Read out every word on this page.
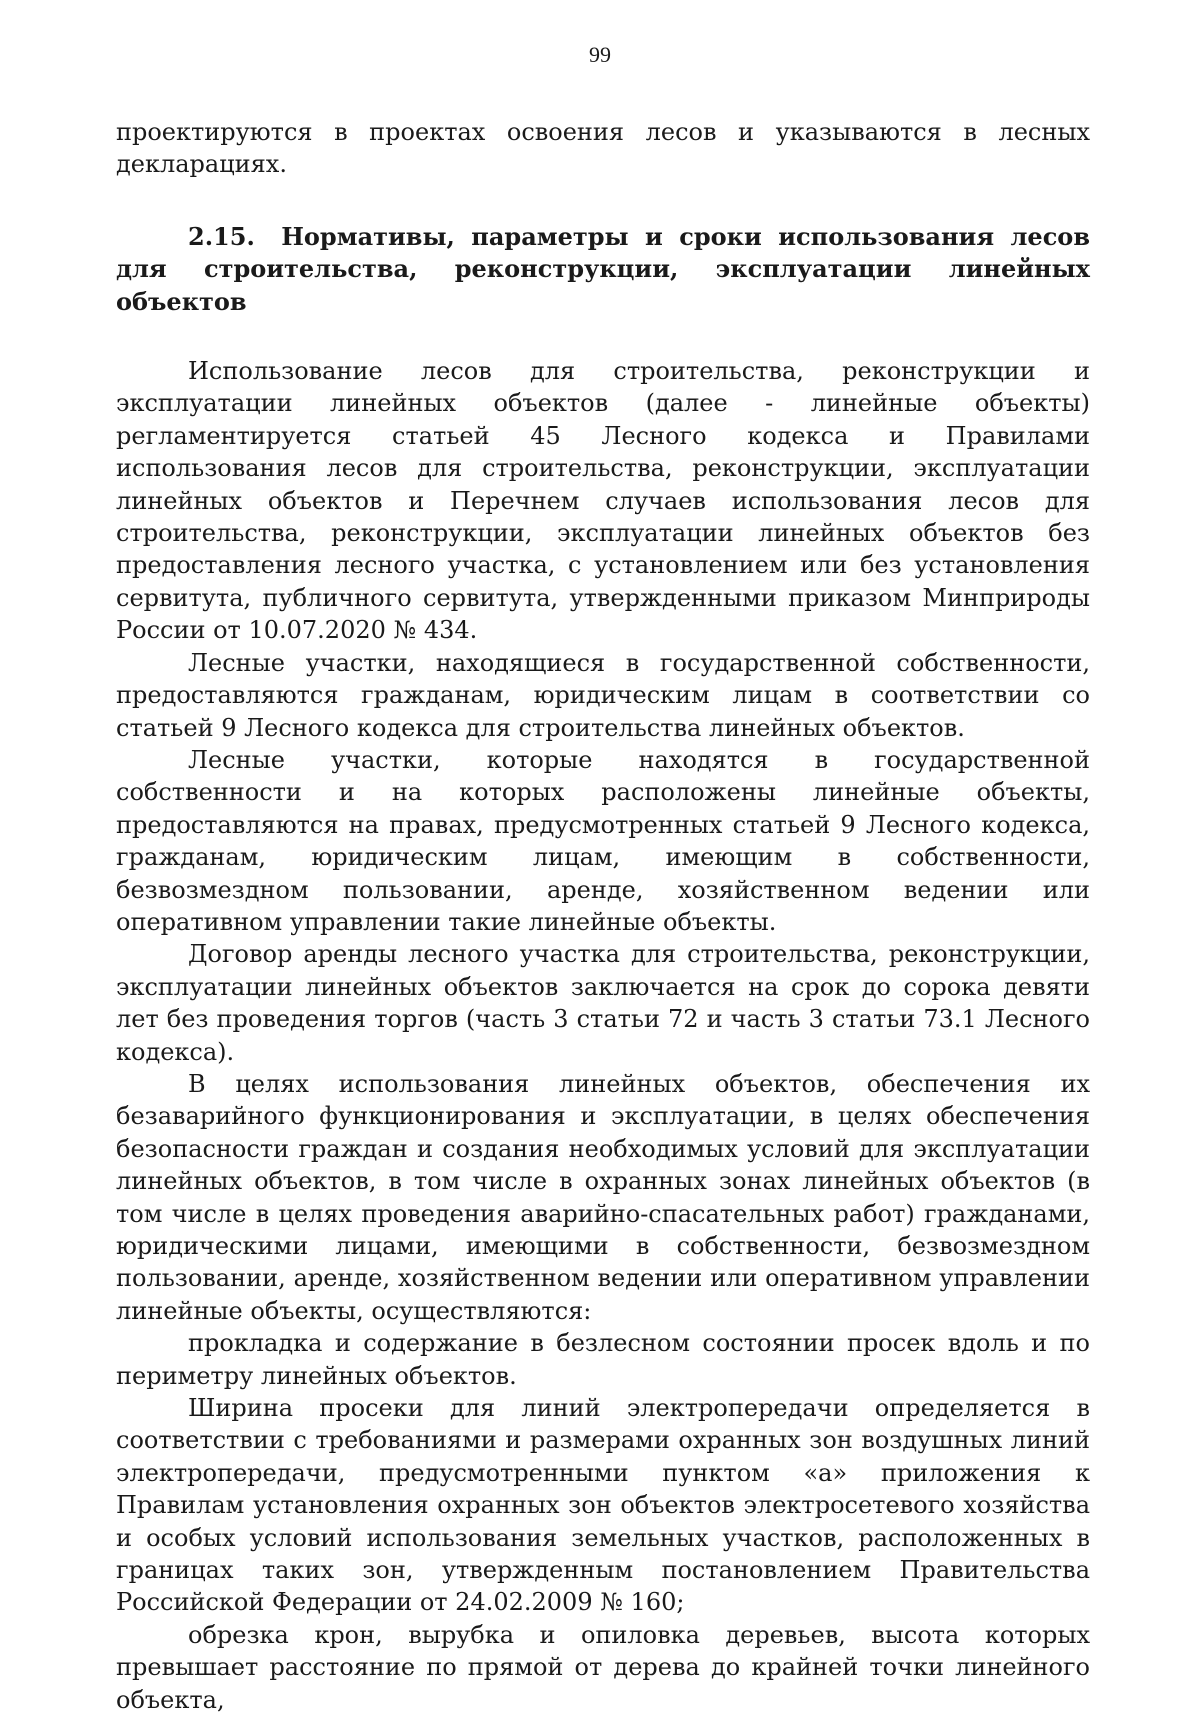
99

проектируются в проектах освоения лесов и указываются в лесных декларациях.

2.15. Нормативы, параметры и сроки использования лесов для строительства, реконструкции, эксплуатации линейных объектов

Использование лесов для строительства, реконструкции и эксплуатации линейных объектов (далее - линейные объекты) регламентируется статьей 45 Лесного кодекса и Правилами использования лесов для строительства, реконструкции, эксплуатации линейных объектов и Перечнем случаев использования лесов для строительства, реконструкции, эксплуатации линейных объектов без предоставления лесного участка, с установлением или без установления сервитута, публичного сервитута, утвержденными приказом Минприроды России от 10.07.2020 № 434.

Лесные участки, находящиеся в государственной собственности, предоставляются гражданам, юридическим лицам в соответствии со статьей 9 Лесного кодекса для строительства линейных объектов.

Лесные участки, которые находятся в государственной собственности и на которых расположены линейные объекты, предоставляются на правах, предусмотренных статьей 9 Лесного кодекса, гражданам, юридическим лицам, имеющим в собственности, безвозмездном пользовании, аренде, хозяйственном ведении или оперативном управлении такие линейные объекты.

Договор аренды лесного участка для строительства, реконструкции, эксплуатации линейных объектов заключается на срок до сорока девяти лет без проведения торгов (часть 3 статьи 72 и часть 3 статьи 73.1 Лесного кодекса).

В целях использования линейных объектов, обеспечения их безаварийного функционирования и эксплуатации, в целях обеспечения безопасности граждан и создания необходимых условий для эксплуатации линейных объектов, в том числе в охранных зонах линейных объектов (в том числе в целях проведения аварийно-спасательных работ) гражданами, юридическими лицами, имеющими в собственности, безвозмездном пользовании, аренде, хозяйственном ведении или оперативном управлении линейные объекты, осуществляются:

прокладка и содержание в безлесном состоянии просек вдоль и по периметру линейных объектов.

Ширина просеки для линий электропередачи определяется в соответствии с требованиями и размерами охранных зон воздушных линий электропередачи, предусмотренными пунктом «а» приложения к Правилам установления охранных зон объектов электросетевого хозяйства и особых условий использования земельных участков, расположенных в границах таких зон, утвержденным постановлением Правительства Российской Федерации от 24.02.2009 № 160;

обрезка крон, вырубка и опиловка деревьев, высота которых превышает расстояние по прямой от дерева до крайней точки линейного объекта,
